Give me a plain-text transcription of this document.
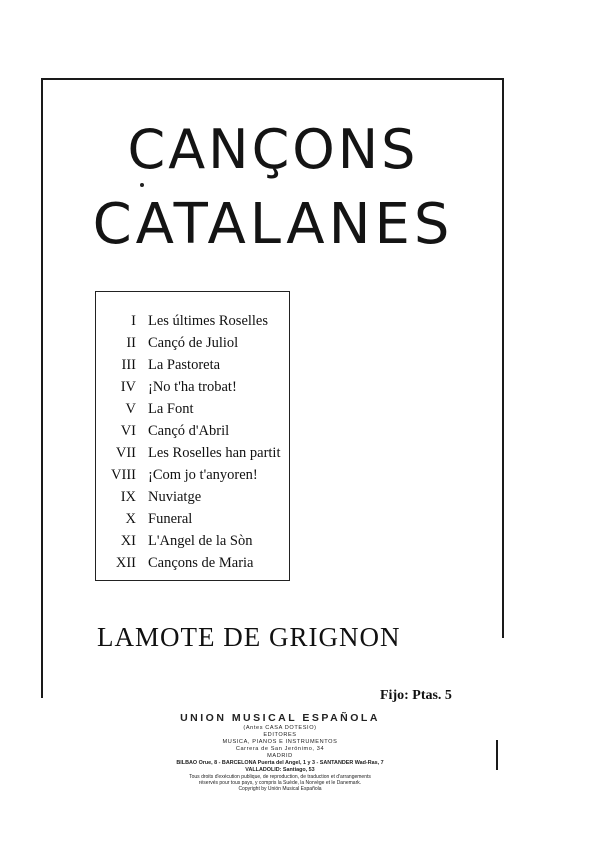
CANÇONS
CATALANES
I Les últimes Roselles
II Cançó de Juliol
III La Pastoreta
IV ¡No t'ha trobat!
V La Font
VI Cançó d'Abril
VII Les Roselles han partit
VIII ¡Com jo t'anyoren!
IX Nuviatge
X Funeral
XI L'Angel de la Sòn
XII Cançons de Maria
LAMOTE DE GRIGNON
Fijo: Ptas. 5
UNION MUSICAL ESPAÑOLA
(Antes CASA DOTESIO)
EDITORES
MUSICA, PIANOS E INSTRUMENTOS
Carrera de San Jerónimo, 34
MADRID
BILBAO Orue, 8 - BARCELONA Puerta del Angel, 1 y 3 - SANTANDER Wad-Ras, 7
VALLADOLID: Santiago, 53
Tous droits d'exécution publique, de reproduction, de traduction et d'arrangements
réservés pour tous pays, y compris la Suède, la Norvège et le Danemark.
Copyright by Unión Musical Española
